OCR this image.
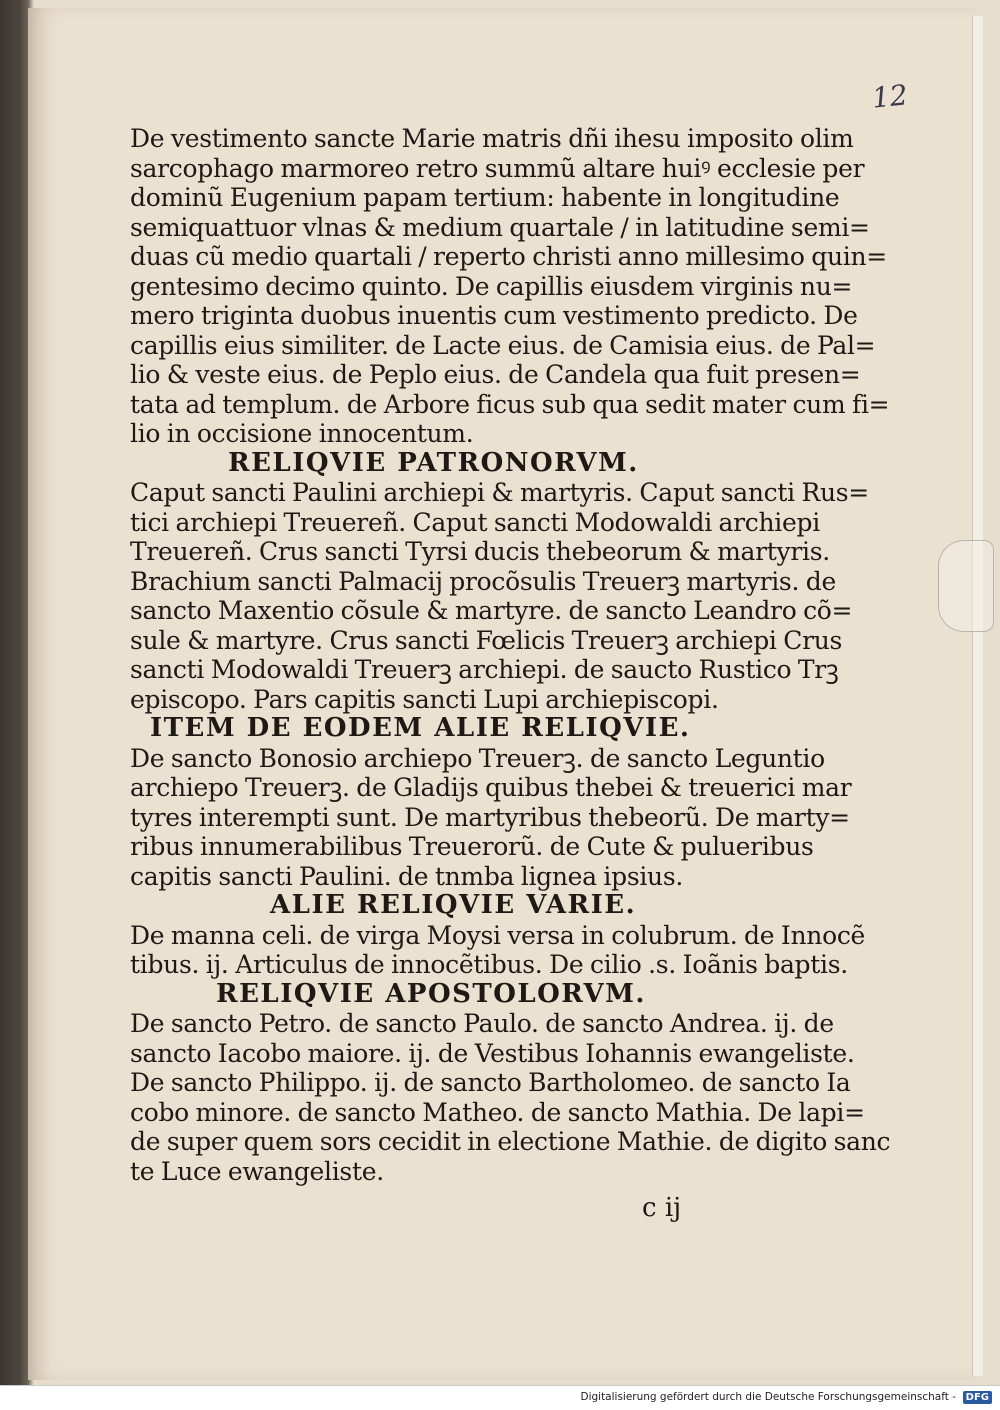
12
De vestimento sancte Marie matris dñi ihesu imposito olim
sarcophago marmoreo retro summũ altare huiꝰ ecclesie per
dominũ Eugenium papam tertium: habente in longitudine
semiquattuor vlnas & medium quartale / in latitudine semi=
duas cũ medio quartali / reperto christi anno millesimo quin=
gentesimo decimo quinto. De capillis eiusdem virginis nu=
mero triginta duobus inuentis cum vestimento predicto. De
capillis eius similiter. de Lacte eius. de Camisia eius. de Pal=
lio & veste eius. de Peplo eius. de Candela qua fuit presen=
tata ad templum. de Arbore ficus sub qua sedit mater cum fi=
lio in occisione innocentum.
RELIQVIE PATRONORVM.
Caput sancti Paulini archiepi & martyris. Caput sancti Rus=
tici archiepi Treuereñ. Caput sancti Modowaldi archiepi
Treuereñ. Crus sancti Tyrsi ducis thebeorum & martyris.
Brachium sancti Palmacij procõsulis Treuerꝫ martyris. de
sancto Maxentio cõsule & martyre. de sancto Leandro cõ=
sule & martyre. Crus sancti Fœlicis Treuerꝫ archiepi Crus
sancti Modowaldi Treuerꝫ archiepi. de saucto Rustico Trꝫ
episcopo. Pars capitis sancti Lupi archiepiscopi.
ITEM DE EODEM ALIE RELIQVIE.
De sancto Bonosio archiepo Treuerꝫ. de sancto Leguntio
archiepo Treuerꝫ. de Gladijs quibus thebei & treuerici mar
tyres interempti sunt. De martyribus thebeorũ. De marty=
ribus innumerabilibus Treuerorũ. de Cute & pulueribus
capitis sancti Paulini. de tnmba lignea ipsius.
ALIE RELIQVIE VARIE.
De manna celi. de virga Moysi versa in colubrum. de Innocẽ
tibus. ij. Articulus de innocẽtibus. De cilio .s. Ioãnis baptis.
RELIQVIE APOSTOLORVM.
De sancto Petro. de sancto Paulo. de sancto Andrea. ij. de
sancto Iacobo maiore. ij. de Vestibus Iohannis ewangeliste.
De sancto Philippo. ij. de sancto Bartholomeo. de sancto Ia
cobo minore. de sancto Matheo. de sancto Mathia. De lapi=
de super quem sors cecidit in electione Mathie. de digito sanc
te Luce ewangeliste.
c ij
Digitalisierung gefördert durch die Deutsche Forschungsgemeinschaft - DFG
